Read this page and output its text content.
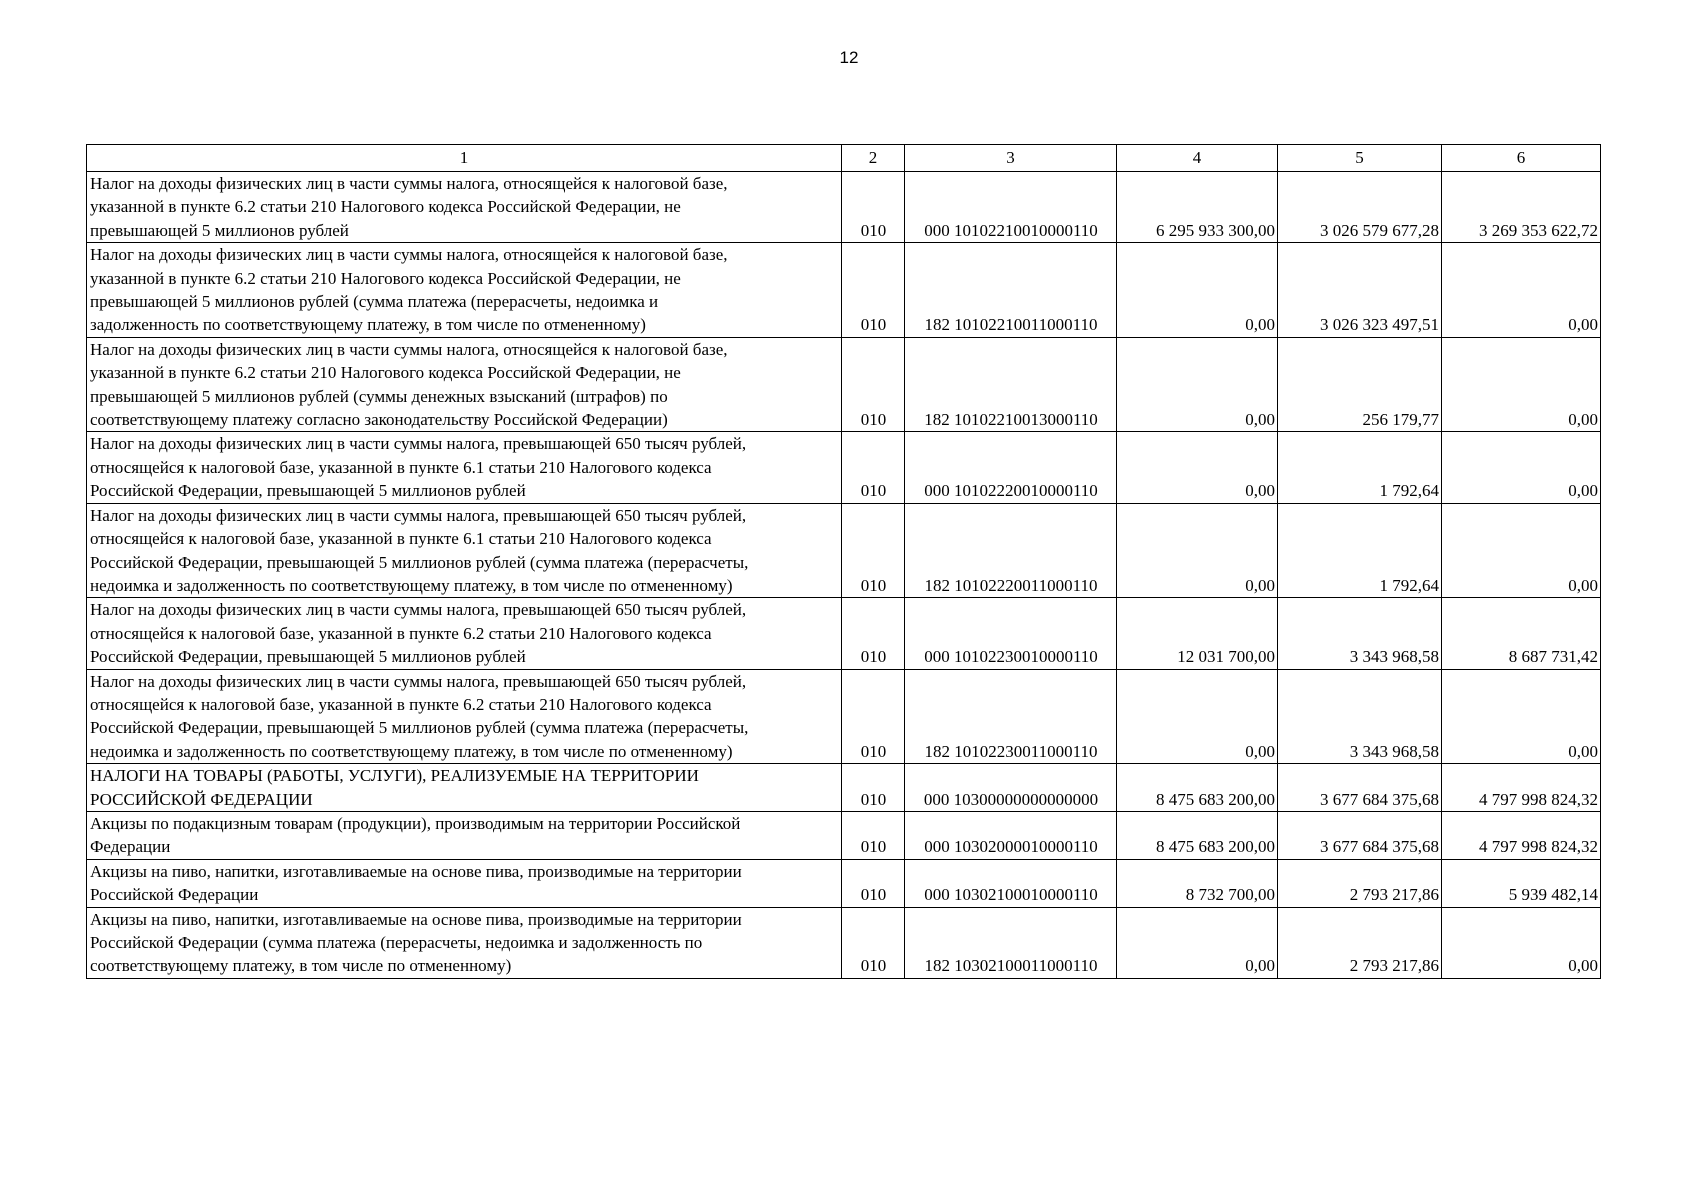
12
1	2	3	4	5	6
Налог на доходы физических лиц в части суммы налога, относящейся к налоговой базе,
указанной в пункте 6.2 статьи 210 Налогового кодекса Российской Федерации, не
превышающей 5 миллионов рублей	010	000 10102210010000110	6 295 933 300,00	3 026 579 677,28	3 269 353 622,72
Налог на доходы физических лиц в части суммы налога, относящейся к налоговой базе,
указанной в пункте 6.2 статьи 210 Налогового кодекса Российской Федерации, не
превышающей 5 миллионов рублей (сумма платежа (перерасчеты, недоимка и
задолженность по соответствующему платежу, в том числе по отмененному)	010	182 10102210011000110	0,00	3 026 323 497,51	0,00
Налог на доходы физических лиц в части суммы налога, относящейся к налоговой базе,
указанной в пункте 6.2 статьи 210 Налогового кодекса Российской Федерации, не
превышающей 5 миллионов рублей (суммы денежных взысканий (штрафов) по
соответствующему платежу согласно законодательству Российской Федерации)	010	182 10102210013000110	0,00	256 179,77	0,00
Налог на доходы физических лиц в части суммы налога, превышающей 650 тысяч рублей,
относящейся к налоговой базе, указанной в пункте 6.1 статьи 210 Налогового кодекса
Российской Федерации, превышающей 5 миллионов рублей	010	000 10102220010000110	0,00	1 792,64	0,00
Налог на доходы физических лиц в части суммы налога, превышающей 650 тысяч рублей,
относящейся к налоговой базе, указанной в пункте 6.1 статьи 210 Налогового кодекса
Российской Федерации, превышающей 5 миллионов рублей (сумма платежа (перерасчеты,
недоимка и задолженность по соответствующему платежу, в том числе по отмененному)	010	182 10102220011000110	0,00	1 792,64	0,00
Налог на доходы физических лиц в части суммы налога, превышающей 650 тысяч рублей,
относящейся к налоговой базе, указанной в пункте 6.2 статьи 210 Налогового кодекса
Российской Федерации, превышающей 5 миллионов рублей	010	000 10102230010000110	12 031 700,00	3 343 968,58	8 687 731,42
Налог на доходы физических лиц в части суммы налога, превышающей 650 тысяч рублей,
относящейся к налоговой базе, указанной в пункте 6.2 статьи 210 Налогового кодекса
Российской Федерации, превышающей 5 миллионов рублей (сумма платежа (перерасчеты,
недоимка и задолженность по соответствующему платежу, в том числе по отмененному)	010	182 10102230011000110	0,00	3 343 968,58	0,00
НАЛОГИ НА ТОВАРЫ (РАБОТЫ, УСЛУГИ), РЕАЛИЗУЕМЫЕ НА ТЕРРИТОРИИ
РОССИЙСКОЙ ФЕДЕРАЦИИ	010	000 10300000000000000	8 475 683 200,00	3 677 684 375,68	4 797 998 824,32
Акцизы по подакцизным товарам (продукции), производимым на территории Российской
Федерации	010	000 10302000010000110	8 475 683 200,00	3 677 684 375,68	4 797 998 824,32
Акцизы на пиво, напитки, изготавливаемые на основе пива, производимые на территории
Российской Федерации	010	000 10302100010000110	8 732 700,00	2 793 217,86	5 939 482,14
Акцизы на пиво, напитки, изготавливаемые на основе пива, производимые на территории
Российской Федерации (сумма платежа (перерасчеты, недоимка и задолженность по
соответствующему платежу, в том числе по отмененному)	010	182 10302100011000110	0,00	2 793 217,86	0,00
